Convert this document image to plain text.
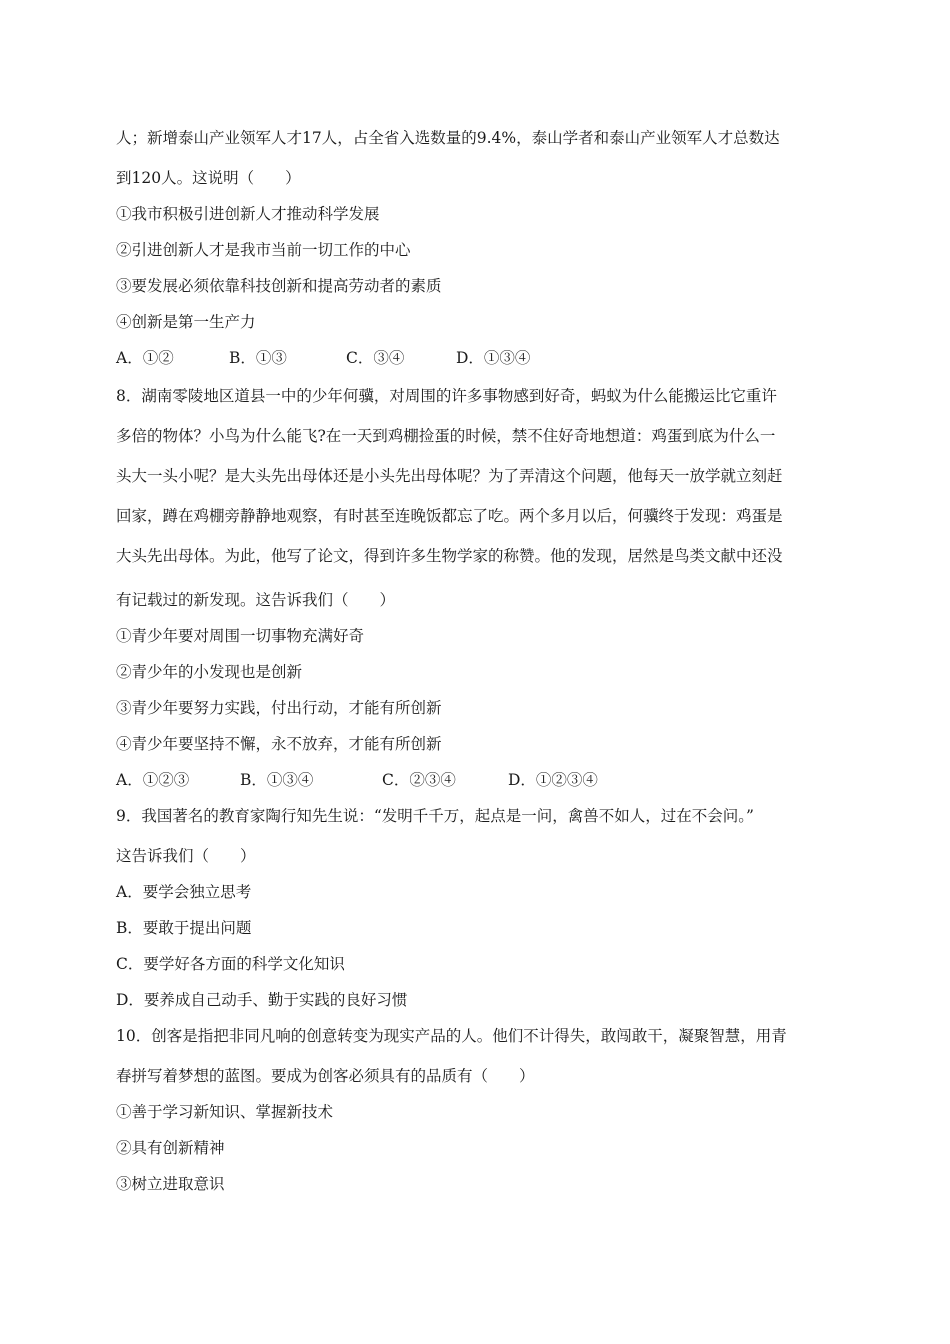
人；新增泰山产业领军人才17人，占全省入选数量的9.4%，泰山学者和泰山产业领军人才总数达
到120人。这说明（　　）
①我市积极引进创新人才推动科学发展
②引进创新人才是我市当前一切工作的中心
③要发展必须依靠科技创新和提高劳动者的素质
④创新是第一生产力
A．①②	B．①③	C．③④	D．①③④
8．湖南零陵地区道县一中的少年何骥，对周围的许多事物感到好奇，蚂蚁为什么能搬运比它重许
多倍的物体？小鸟为什么能飞?在一天到鸡棚捡蛋的时候，禁不住好奇地想道：鸡蛋到底为什么一
头大一头小呢？是大头先出母体还是小头先出母体呢？为了弄清这个问题，他每天一放学就立刻赶
回家，蹲在鸡棚旁静静地观察，有时甚至连晚饭都忘了吃。两个多月以后，何骥终于发现：鸡蛋是
大头先出母体。为此，他写了论文，得到许多生物学家的称赞。他的发现，居然是鸟类文献中还没
有记载过的新发现。这告诉我们（　　）
①青少年要对周围一切事物充满好奇
②青少年的小发现也是创新
③青少年要努力实践，付出行动，才能有所创新
④青少年要坚持不懈，永不放弃，才能有所创新
A．①②③	B．①③④	C．②③④	D．①②③④
9．我国著名的教育家陶行知先生说：“发明千千万，起点是一问，禽兽不如人，过在不会问。”
这告诉我们（　　）
A．要学会独立思考
B．要敢于提出问题
C．要学好各方面的科学文化知识
D．要养成自己动手、勤于实践的良好习惯
10．创客是指把非同凡响的创意转变为现实产品的人。他们不计得失，敢闯敢干，凝聚智慧，用青
春拼写着梦想的蓝图。要成为创客必须具有的品质有（　　）
①善于学习新知识、掌握新技术
②具有创新精神
③树立进取意识
